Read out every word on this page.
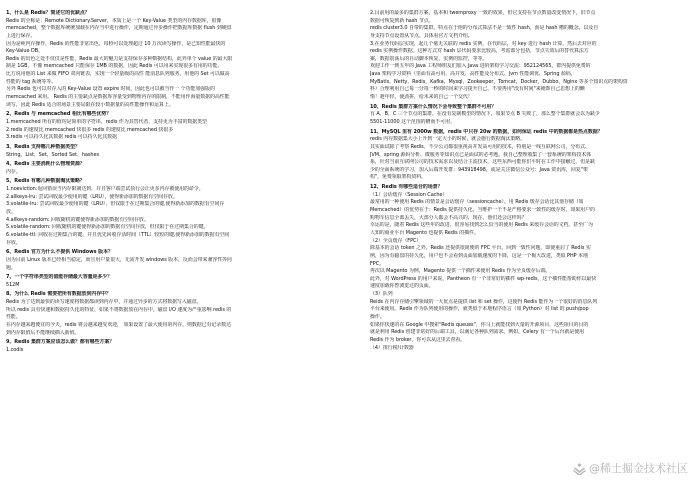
1、什么是 Redis？简述它的优缺点？
Redis 的全称是：Remote Dictionary.Server，本质上是一个 Key-Value 类型的内存数据库，很像
memcached，整个数据库统统加载在内存当中进行操作，定期通过异步操作把数据库数据 flush 到硬盘
上进行保存。
因为是纯内存操作，Redis 的性能非常出色，每秒可以处理超过 10 万次读写操作，是已知性能最快的
Key-Value DB。
Redis 的出色之处不仅仅是性能，Redis 最大的魅力是支持保存多种数据结构，此外单个 value 的最大限
制是 1GB，不像 memcached 只能保存 1MB 的数据，因此 Redis 可以用来实现很多有用的功能。
比方说用他的 List 来做 FIFO 双向链表，实现一个轻量级的高性 能消息队列服务，用他的 Set 可以做高
性能的 tag 系统等等。
另外 Redis 也可以对存入的 Key-Value 设置 expire 时间，因此也可以被当作一 个功能加强版的
memcached 来用。 Redis 的主要缺点是数据库容量受到物理内存的限制，不能用作海量数据的高性能
读写，因此 Redis 适合的场景主要局限在较小数据量的高性能操作和运算上。
2、Redis 与 memcached 相比有哪些优势？
1.memcached 所有的值均是简单的字符串，redis 作为其替代者，支持更为丰富的数据类型
2.redis 的速度比 memcached 快很多 redis 的速度比 memcached 快很多
3.redis 可以持久化其数据 redis 可以持久化其数据
3、Redis 支持哪几种数据类型？
String、List、Set、Sorted Set、hashes
4、Redis 主要消耗什么物理资源？
内存。
5、Redis 有哪几种数据淘汰策略？
1.noeviction:返回错误当内存限制达到，并且客户端尝试执行会让更多内存被使用的命令。
2.allkeys-lru: 尝试回收最少使用的键（LRU），使得新添加的数据有空间存放。
3.volatile-lru: 尝试回收最少使用的键（LRU），但仅限于在过期集合的键,使得新添加的数据有空间存
放。
4.allkeys-random: 回收随机的键使得新添加的数据有空间存放。
5.volatile-random: 回收随机的键使得新添加的数据有空间存放，但仅限于在过期集合的键。
6.volatile-ttl: 回收在过期集合的键，并且优先回收存活时间（TTL）较短的键,使得新添加的数据有空间
存放。
6、Redis 官方为什么不提供 Windows 版本？
因为目前 Linux 版本已经相当稳定，而且用户量很大，无需开发 windows 版本，反而会带来兼容性等问
题。
7、一个字符串类型的值能存储最大容量是多少？
512M
8、为什么 Redis 需要把所有数据放到内存中？
Redis 为了达到最快的读写速度将数据都读到内存中，并通过异步的方式将数据写入磁盘。
所以 redis 具有快速和数据持久化的特征，如果不将数据放在内存中，磁盘 I/O 速度为严重影响 redis 的
性能。
在内存越来越便宜的今天，redis 将会越来越受欢迎， 如果设置了最大使用的内存，则数据已有记录数达
到内存限值后不能继续插入新值。
9、Redis 集群方案应该怎么做？都有哪些方案？
1.codis
2.目前用的最多的集群方案，基本和 twemproxy 一致的效果，但它支持在节点数量改变情况下，旧节点
数据可恢复到新 hash 节点。
redis cluster3.0 自带的集群，特点在于他的分布式算法不是一致性 hash，而是 hash 槽的概念，以及自
身支持节点设置从节点。具体看官方文档介绍。
3.在业务代码层实现，起几个毫无关联的 redis 实例，在代码层，对 key 进行 hash 计算，然后去对应的
redis 实例操作数据。这种方式对 hash 层代码要求比较高，考虑部分包括，节点失效后的替代算法方
案，数据震荡后的自动脚本恢复，实例的监控，等等。
欢迎工作一到五年的 Java 工程师朋友们加入 Java 进阶架构学习交流：952124565，群内提供免费的
Java 架构学习资料（里面有高可用、高并发、高性能及分布式、Jvm 性能调优、Spring 源码，
MyBatis，Netty，Redis，Kafka，Mysql，Zookeeper，Tomcat，Docker，Dubbo，Nginx 等多个知识点的架构资
料）合理利用自己每一分每一秒的时间来学习提升自己，不要再用"没有时间"来掩饰自己思想上的懒
惰！趁年轻，使劲拼，给未来的自己一个交代！
10、Redis 集群方案什么情况下会导致整个集群不可用？
有 A，B，C 三个节点的集群，在没有复制模型的情况下，如果节点 B 失败了，那么整个集群就会以为缺少
5501-11000 这个范围的槽而不可用。
11、MySQL 里有 2000w 数据，redis 中只存 20w 的数据，如何保证 redis 中的数据都是热点数据？
redis 内存数据集大小上升到一定大小的时候，就会施行数据淘汰策略。
其实面试除了考察 Redis，不少公司都很重视高并发高可用的技术，特别是一线互联网公司，分布式、
JVM、spring 源码分析、微服务等知识点已是面试的必考题。我自己整理收集了一套系统的架构技术体
系，针对当前互联网公司的技术需求以及结合主流技术，这些东西可能你们平时在工作中接触过，但是缺
少的全面系统的学习，加入后端开发群：943918498，或是关注微信公众号：Java 资讯库，回复"架
构"，免费领取架构资料。
12、Redis 有哪些适合的场景？
（1）会话缓存（Session Cache）
最常用的一种使用 Redis 的情景是会话缓存（sessioncache）。用 Redis 缓存会话比其他存储（如
Memcached）的优势在于：Redis 提供持久化。当维护一个不是严格要求一致性的缓存时，如果用户的
购物车信息全部丢失，大部分人都会不高兴的，现在，他们还会这样吗？
幸运的是，随着 Redis 这些年的改进，很容易找到怎么恰当的使用 Redis 来缓存会话的文档。甚至广为
人知的商业平台 Magento 也提供 Redis 的插件。
（2）全页缓存（FPC）
除基本的会话 token 之外，Redis 还提供很简便的 FPC 平台。回到一致性问题，即使重启了 Redis 实
例，因为有磁盘的持久化，用户也不会看到页面加载速度的下降，这是一个极大改进，类似 PHP 本地
FPC。
再次以 Magento 为例，Magento 提供一个插件来使用 Redis 作为全页缓存后端。
此外，对 WordPress 的用户来说，Pantheon 有一个非常好的插件 wp-redis，这个插件能帮助你以最快
速度加载你曾浏览过的页面。
（3）队列
Reids 在内存存储引擎领域的一大优点是提供 list 和 set 操作，这使得 Redis 能作为一个很好的消息队列
平台来使用。Redis 作为队列使用的操作，就类似于本地程序语言（如 Python）对 list 的 push/pop
操作。
如果你快速的在 Google 中搜索"Redis queues"，你马上就能找到大量的开源项目，这些项目的目的
就是利用 Redis 创建非常好的后端工具，以满足各种队列需求。例如，Celery 有一个后台就是使用
Redis 作为 broker，你可以从这里去查看。
（4）排行榜/计数器
@稀土掘金技术社区
